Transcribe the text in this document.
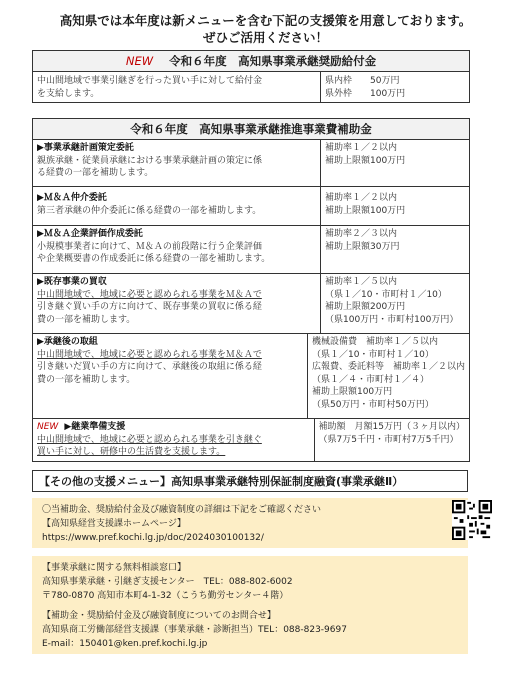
高知県では本年度は新メニューを含む下記の支援策を用意しております。
ぜひご活用ください！
NEW 令和６年度　高知県事業承継奨励給付金
中山間地域で事業引継ぎを行った買い手に対して給付金
を支給します。
県内枠　　50万円
県外枠　　100万円
令和６年度　高知県事業承継推進事業費補助金
▶事業承継計画策定委託
親族承継・従業員承継における事業承継計画の策定に係
る経費の一部を補助します。
補助率１／２以内
補助上限額100万円
▶Ｍ＆Ａ仲介委託
第三者承継の仲介委託に係る経費の一部を補助します。
補助率１／２以内
補助上限額100万円
▶Ｍ＆Ａ企業評価作成委託
小規模事業者に向けて、Ｍ＆Ａの前段階に行う企業評価
や企業概要書の作成委託に係る経費の一部を補助します。
補助率２／３以内
補助上限額30万円
▶既存事業の買収
中山間地域で、地域に必要と認められる事業をＭ＆Ａで
引き継ぐ買い手の方に向けて、既存事業の買収に係る経
費の一部を補助します。
補助率１／５以内
（県１／10・市町村１／10）
補助上限額200万円
（県100万円・市町村100万円）
▶承継後の取組
中山間地域で、地域に必要と認められる事業をＭ＆Ａで
引き継いだ買い手の方に向けて、承継後の取組に係る経
費の一部を補助します。
機械設備費　補助率１／５以内
（県１／10・市町村１／10）
広報費、委託料等　補助率１／２以内
（県１／４・市町村１／４）
補助上限額100万円
（県50万円・市町村50万円）
NEW ▶継業準備支援
中山間地域で、地域に必要と認められる事業を引き継ぐ
買い手に対し、研修中の生活費を支援します。
補助額　月額15万円（３ヶ月以内）
（県7万5千円・市町村7万5千円）
【その他の支援メニュー】高知県事業承継特別保証制度融資(事業承継Ⅱ）
〇当補助金、奨励給付金及び融資制度の詳細は下記をご確認ください
【高知県経営支援課ホームページ】
https://www.pref.kochi.lg.jp/doc/2024030100132/
【事業承継に関する無料相談窓口】
高知県事業承継・引継ぎ支援センター　TEL：088-802-6002
〒780-0870 高知市本町4-1-32（こうち勤労センター４階）
【補助金・奨励給付金及び融資制度についてのお問合せ】
高知県商工労働部経営支援課（事業承継・診断担当）TEL：088-823-9697
E-mail：150401@ken.pref.kochi.lg.jp
